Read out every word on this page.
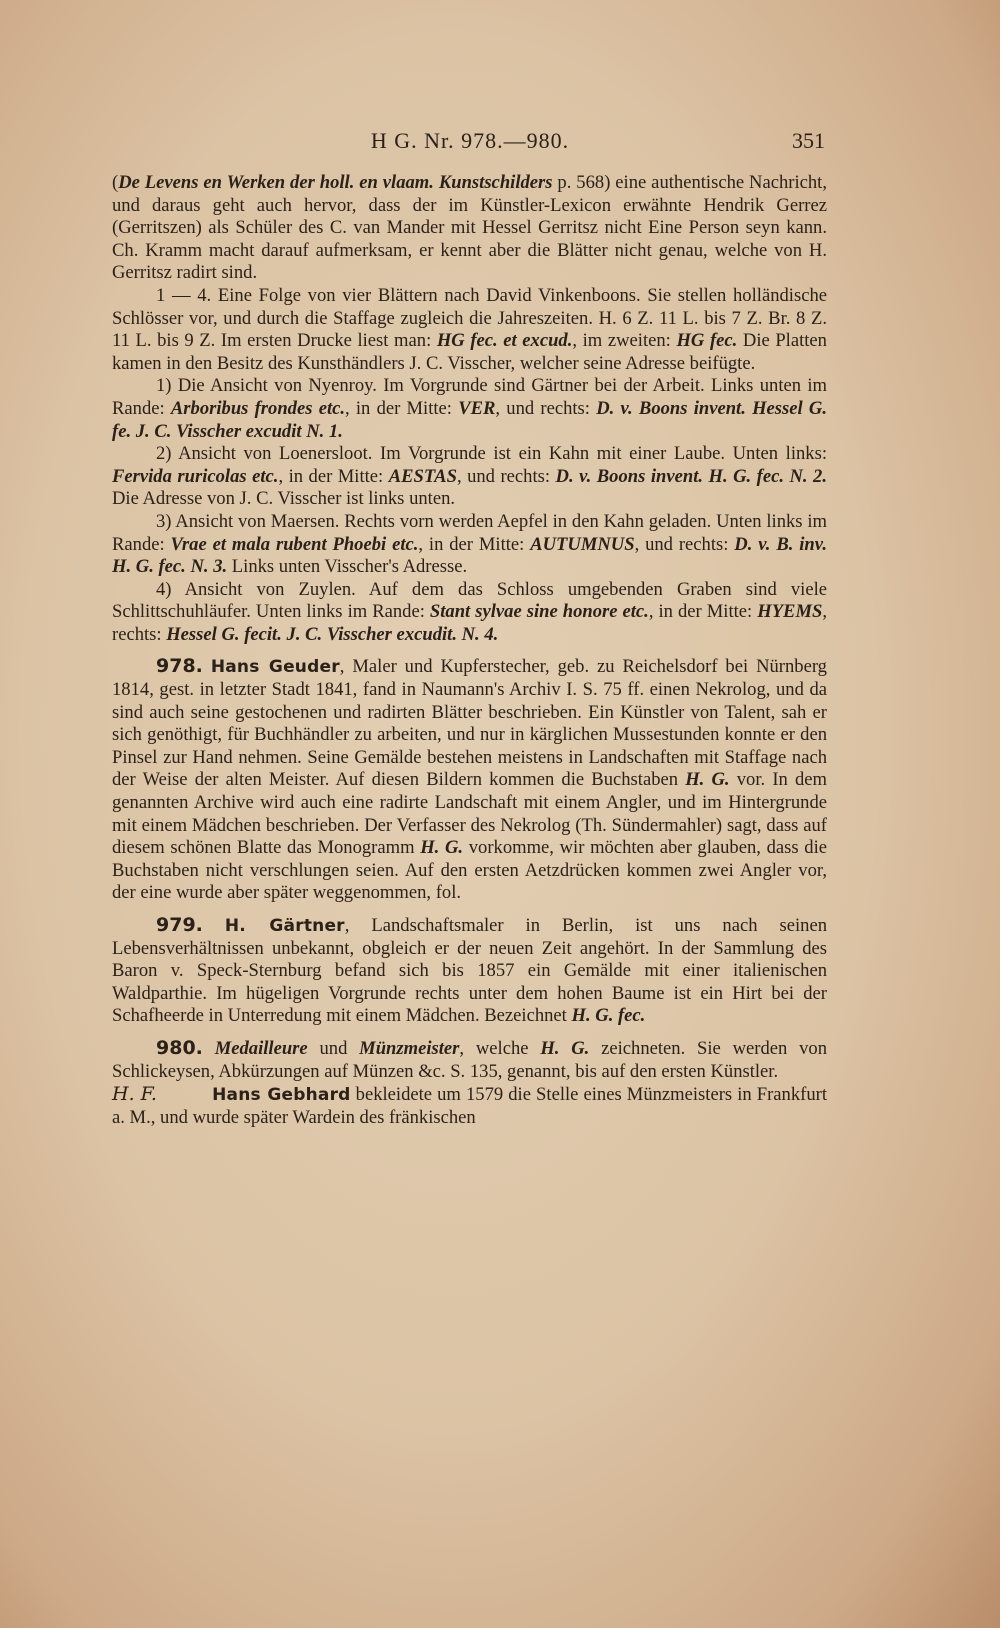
H G. Nr. 978.—980.	351

(De Levens en Werken der holl. en vlaam. Kunstschilders p. 568) eine authentische Nachricht, und daraus geht auch hervor, dass der im Künstler-Lexicon erwähnte Hendrik Gerrez (Gerritszen) als Schüler des C. van Mander mit Hessel Gerritsz nicht Eine Person seyn kann. Ch. Kramm macht darauf aufmerksam, er kennt aber die Blätter nicht genau, welche von H. Gerritsz radirt sind.

1 — 4. Eine Folge von vier Blättern nach David Vinkenboons. Sie stellen holländische Schlösser vor, und durch die Staffage zugleich die Jahreszeiten. H. 6 Z. 11 L. bis 7 Z. Br. 8 Z. 11 L. bis 9 Z. Im ersten Drucke liest man: HG fec. et excud., im zweiten: HG fec. Die Platten kamen in den Besitz des Kunsthändlers J. C. Visscher, welcher seine Adresse beifügte.

1) Die Ansicht von Nyenroy. Im Vorgrunde sind Gärtner bei der Arbeit. Links unten im Rande: Arboribus frondes etc., in der Mitte: VER, und rechts: D. v. Boons invent. Hessel G. fe. J. C. Visscher excudit N. 1.

2) Ansicht von Loenersloot. Im Vorgrunde ist ein Kahn mit einer Laube. Unten links: Fervida ruricolas etc., in der Mitte: AESTAS, und rechts: D. v. Boons invent. H. G. fec. N. 2. Die Adresse von J. C. Visscher ist links unten.

3) Ansicht von Maersen. Rechts vorn werden Aepfel in den Kahn geladen. Unten links im Rande: Vrae et mala rubent Phoebi etc., in der Mitte: AUTUMNUS, und rechts: D. v. B. inv. H. G. fec. N. 3. Links unten Visscher's Adresse.

4) Ansicht von Zuylen. Auf dem das Schloss umgebenden Graben sind viele Schlittschuhläufer. Unten links im Rande: Stant sylvae sine honore etc., in der Mitte: HYEMS, rechts: Hessel G. fecit. J. C. Visscher excudit. N. 4.

978. Hans Geuder, Maler und Kupferstecher, geb. zu Reichelsdorf bei Nürnberg 1814, gest. in letzter Stadt 1841, fand in Naumann's Archiv I. S. 75 ff. einen Nekrolog, und da sind auch seine gestochenen und radirten Blätter beschrieben. Ein Künstler von Talent, sah er sich genöthigt, für Buchhändler zu arbeiten, und nur in kärglichen Mussestunden konnte er den Pinsel zur Hand nehmen. Seine Gemälde bestehen meistens in Landschaften mit Staffage nach der Weise der alten Meister. Auf diesen Bildern kommen die Buchstaben H. G. vor. In dem genannten Archive wird auch eine radirte Landschaft mit einem Angler, und im Hintergrunde mit einem Mädchen beschrieben. Der Verfasser des Nekrolog (Th. Sündermahler) sagt, dass auf diesem schönen Blatte das Monogramm H. G. vorkomme, wir möchten aber glauben, dass die Buchstaben nicht verschlungen seien. Auf den ersten Aetzdrücken kommen zwei Angler vor, der eine wurde aber später weggenommen, fol.

979. H. Gärtner, Landschaftsmaler in Berlin, ist uns nach seinen Lebensverhältnissen unbekannt, obgleich er der neuen Zeit angehört. In der Sammlung des Baron v. Speck-Sternburg befand sich bis 1857 ein Gemälde mit einer italienischen Waldparthie. Im hügeligen Vorgrunde rechts unter dem hohen Baume ist ein Hirt bei der Schafheerde in Unterredung mit einem Mädchen. Bezeichnet H. G. fec.

980. Medailleure und Münzmeister, welche H. G. zeichneten. Sie werden von Schlickeysen, Abkürzungen auf Münzen &c. S. 135, genannt, bis auf den ersten Künstler.

H. F.	Hans Gebhard bekleidete um 1579 die Stelle eines Münzmeisters in Frankfurt a. M., und wurde später Wardein des fränkischen
